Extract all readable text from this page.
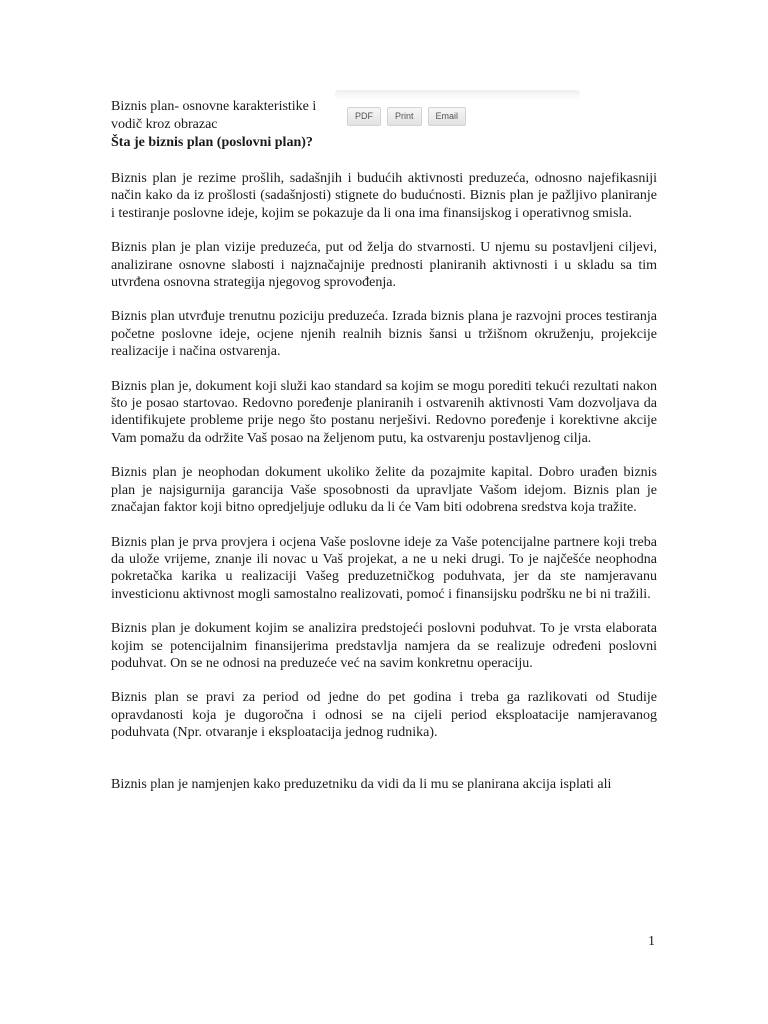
Biznis plan- osnovne karakteristike i vodič kroz obrazac
Šta je biznis plan (poslovni plan)?
PDF	Print	Email

Biznis plan je rezime prošlih, sadašnjih i budućih aktivnosti preduzeća, odnosno najefikasniji način kako da iz prošlosti (sadašnjosti) stignete do budućnosti. Biznis plan je pažljivo planiranje i testiranje poslovne ideje, kojim se pokazuje da li ona ima finansijskog i operativnog smisla.

Biznis plan je plan vizije preduzeća, put od želja do stvarnosti. U njemu su postavljeni ciljevi, analizirane osnovne slabosti i najznačajnije prednosti planiranih aktivnosti i u skladu sa tim utvrđena osnovna strategija njegovog sprovođenja.

Biznis plan utvrđuje trenutnu poziciju preduzeća. Izrada biznis plana je razvojni proces testiranja početne poslovne ideje, ocjene njenih realnih biznis šansi u tržišnom okruženju, projekcije realizacije i načina ostvarenja.

Biznis plan je, dokument koji služi kao standard sa kojim se mogu porediti tekući rezultati nakon što je posao startovao. Redovno poređenje planiranih i ostvarenih aktivnosti Vam dozvoljava da identifikujete probleme prije nego što postanu nerješivi. Redovno poređenje i korektivne akcije Vam pomažu da održite Vaš posao na željenom putu, ka ostvarenju postavljenog cilja.

Biznis plan je neophodan dokument ukoliko želite da pozajmite kapital. Dobro urađen biznis plan je najsigurnija garancija Vaše sposobnosti da upravljate Vašom idejom. Biznis plan je značajan faktor koji bitno opredjeljuje odluku da li će Vam biti odobrena sredstva koja tražite.

Biznis plan je prva provjera i ocjena Vaše poslovne ideje za Vaše potencijalne partnere koji treba da ulože vrijeme, znanje ili novac u Vaš projekat, a ne u neki drugi. To je najčešće neophodna pokretačka karika u realizaciji Vašeg preduzetničkog poduhvata, jer da ste namjeravanu investicionu aktivnost mogli samostalno realizovati, pomoć i finansijsku podršku ne bi ni tražili.

Biznis plan je dokument kojim se analizira predstojeći poslovni poduhvat. To je vrsta elaborata kojim se potencijalnim finansijerima predstavlja namjera da se realizuje određeni poslovni poduhvat. On se ne odnosi na preduzeće već na savim konkretnu operaciju.

Biznis plan se pravi za period od jedne do pet godina i treba ga razlikovati od Studije opravdanosti koja je dugoročna i odnosi se na cijeli period eksploatacije namjeravanog poduhvata (Npr. otvaranje i eksploatacija jednog rudnika).

Biznis plan je namjenjen kako preduzetniku da vidi da li mu se planirana akcija isplati ali

1
